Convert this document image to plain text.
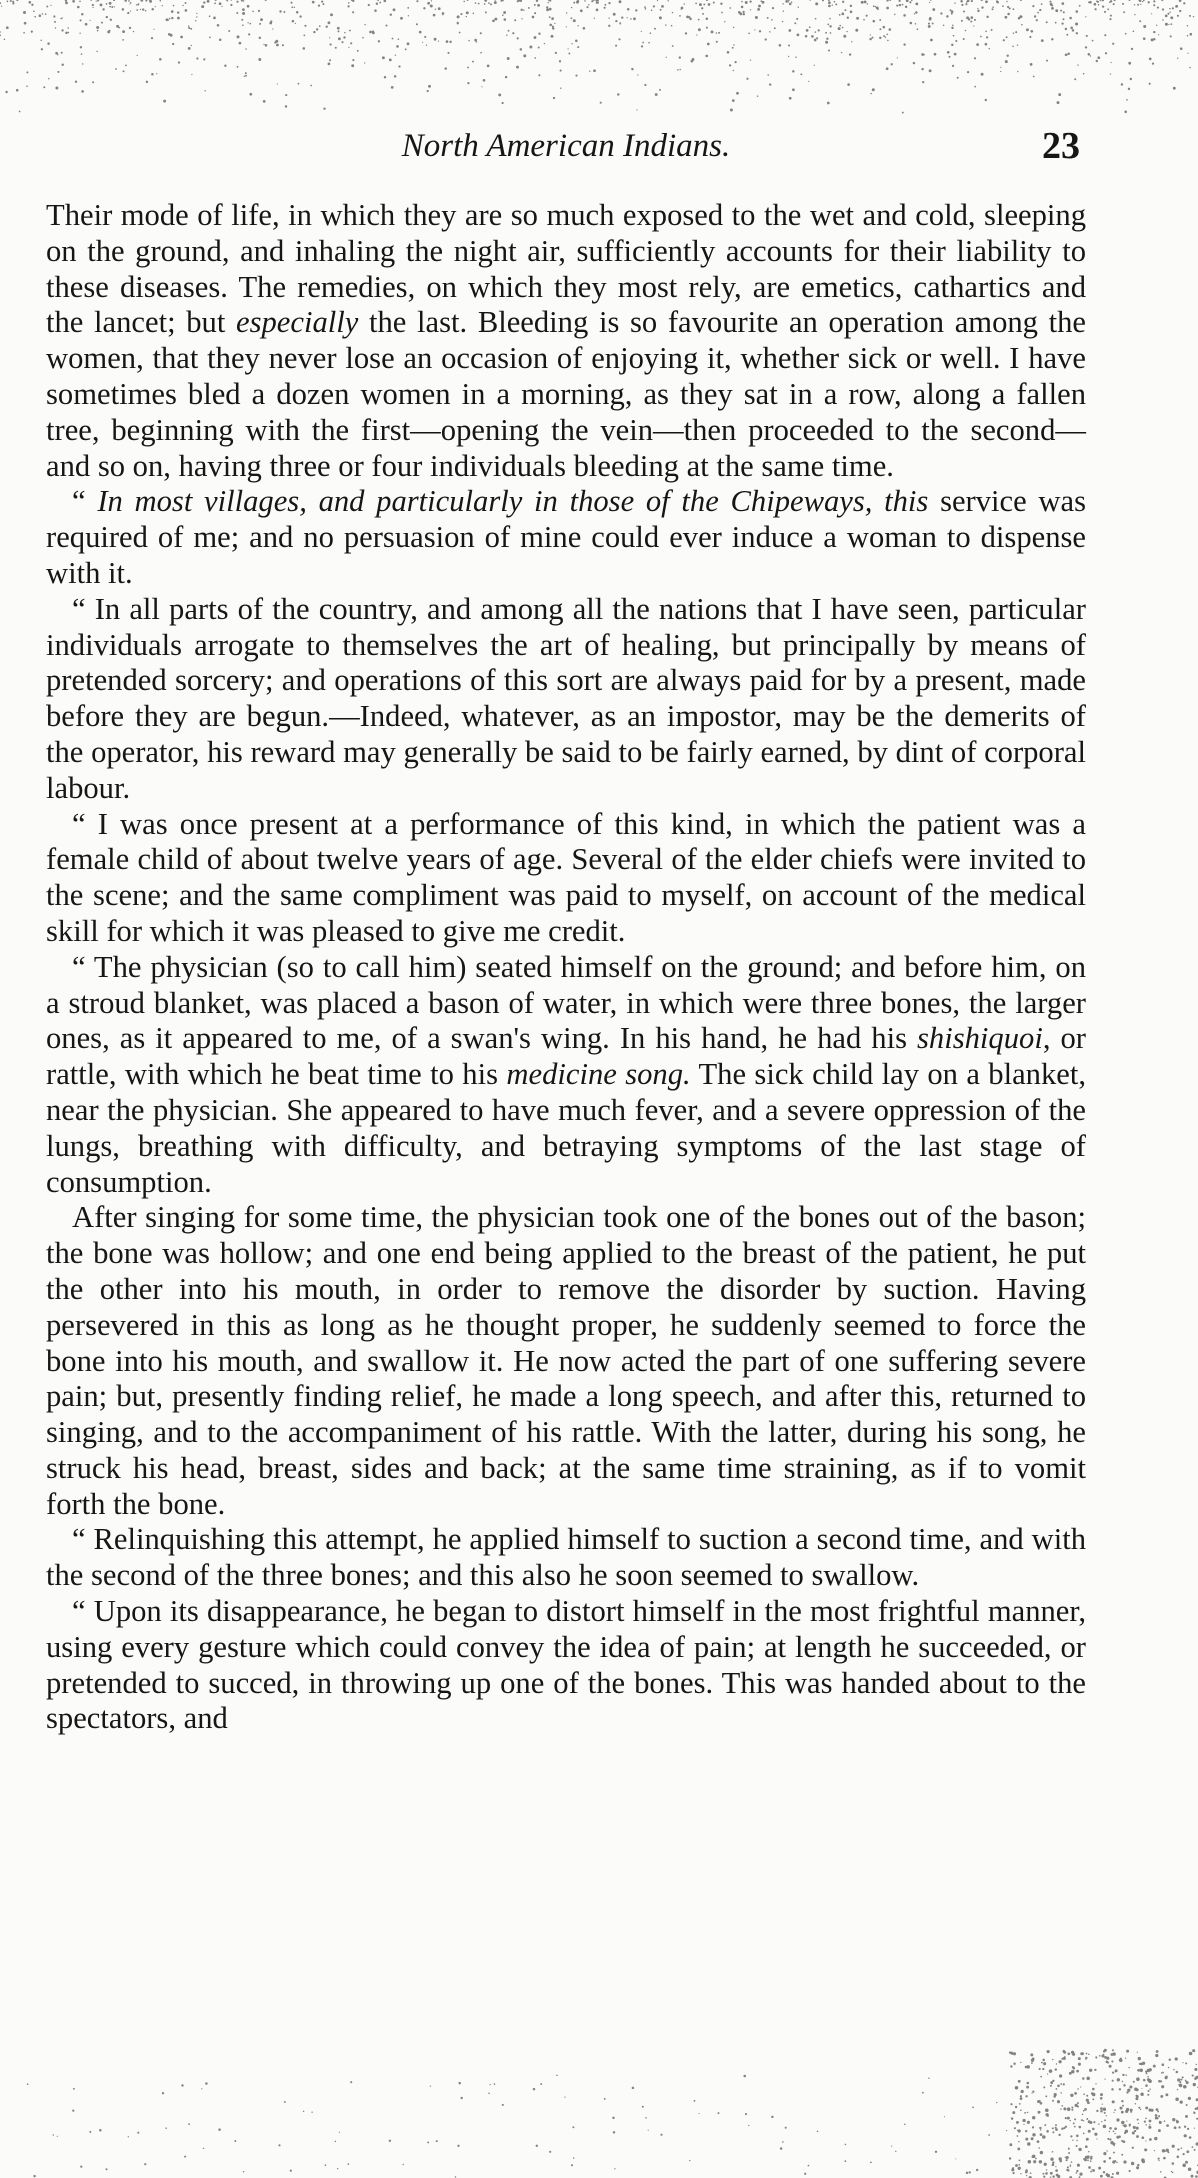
North American Indians.	23

Their mode of life, in which they are so much exposed to the wet and cold, sleeping on the ground, and inhaling the night air, sufficiently accounts for their liability to these diseases. The remedies, on which they most rely, are emetics, cathartics and the lancet; but especially the last. Bleeding is so favourite an operation among the women, that they never lose an occasion of enjoying it, whether sick or well. I have sometimes bled a dozen women in a morning, as they sat in a row, along a fallen tree, beginning with the first—opening the vein—then proceeded to the second—and so on, having three or four individuals bleeding at the same time.

“ In most villages, and particularly in those of the Chipeways, this service was required of me; and no persuasion of mine could ever induce a woman to dispense with it.

“ In all parts of the country, and among all the nations that I have seen, particular individuals arrogate to themselves the art of healing, but principally by means of pretended sorcery; and operations of this sort are always paid for by a present, made before they are begun.—Indeed, whatever, as an impostor, may be the demerits of the operator, his reward may generally be said to be fairly earned, by dint of corporal labour.

“ I was once present at a performance of this kind, in which the patient was a female child of about twelve years of age. Several of the elder chiefs were invited to the scene; and the same compliment was paid to myself, on account of the medical skill for which it was pleased to give me credit.

“ The physician (so to call him) seated himself on the ground; and before him, on a stroud blanket, was placed a bason of water, in which were three bones, the larger ones, as it appeared to me, of a swan's wing. In his hand, he had his shishiquoi, or rattle, with which he beat time to his medicine song. The sick child lay on a blanket, near the physician. She appeared to have much fever, and a severe oppression of the lungs, breathing with difficulty, and betraying symptoms of the last stage of consumption.

After singing for some time, the physician took one of the bones out of the bason; the bone was hollow; and one end being applied to the breast of the patient, he put the other into his mouth, in order to remove the disorder by suction. Having persevered in this as long as he thought proper, he suddenly seemed to force the bone into his mouth, and swallow it. He now acted the part of one suffering severe pain; but, presently finding relief, he made a long speech, and after this, returned to singing, and to the accompaniment of his rattle. With the latter, during his song, he struck his head, breast, sides and back; at the same time straining, as if to vomit forth the bone.

“ Relinquishing this attempt, he applied himself to suction a second time, and with the second of the three bones; and this also he soon seemed to swallow.

“ Upon its disappearance, he began to distort himself in the most frightful manner, using every gesture which could convey the idea of pain; at length he succeeded, or pretended to succed, in throwing up one of the bones. This was handed about to the spectators, and
